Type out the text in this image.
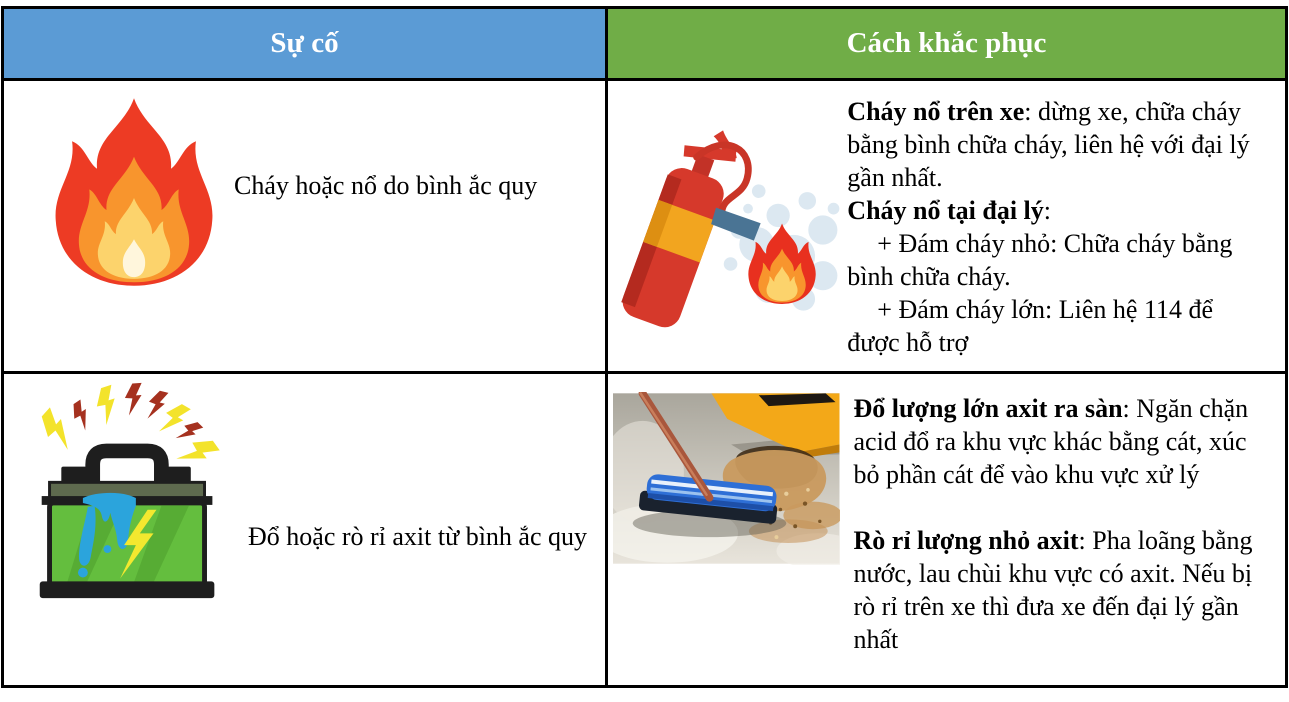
Sự cố	Cách khắc phục
Cháy hoặc nổ do bình ắc quy

Cháy nổ trên xe: dừng xe, chữa cháy bằng bình chữa cháy, liên hệ với đại lý gần nhất.

Cháy nổ tại đại lý:

+ Đám cháy nhỏ: Chữa cháy bằng bình chữa cháy.

+ Đám cháy lớn: Liên hệ 114 để được hỗ trợ

Đổ hoặc rò rỉ axit từ bình ắc quy

Đổ lượng lớn axit ra sàn: Ngăn chặn acid đổ ra khu vực khác bằng cát, xúc bỏ phần cát để vào khu vực xử lý

Rò rỉ lượng nhỏ axit: Pha loãng bằng nước, lau chùi khu vực có axit. Nếu bị rò rỉ trên xe thì đưa xe đến đại lý gần nhất
